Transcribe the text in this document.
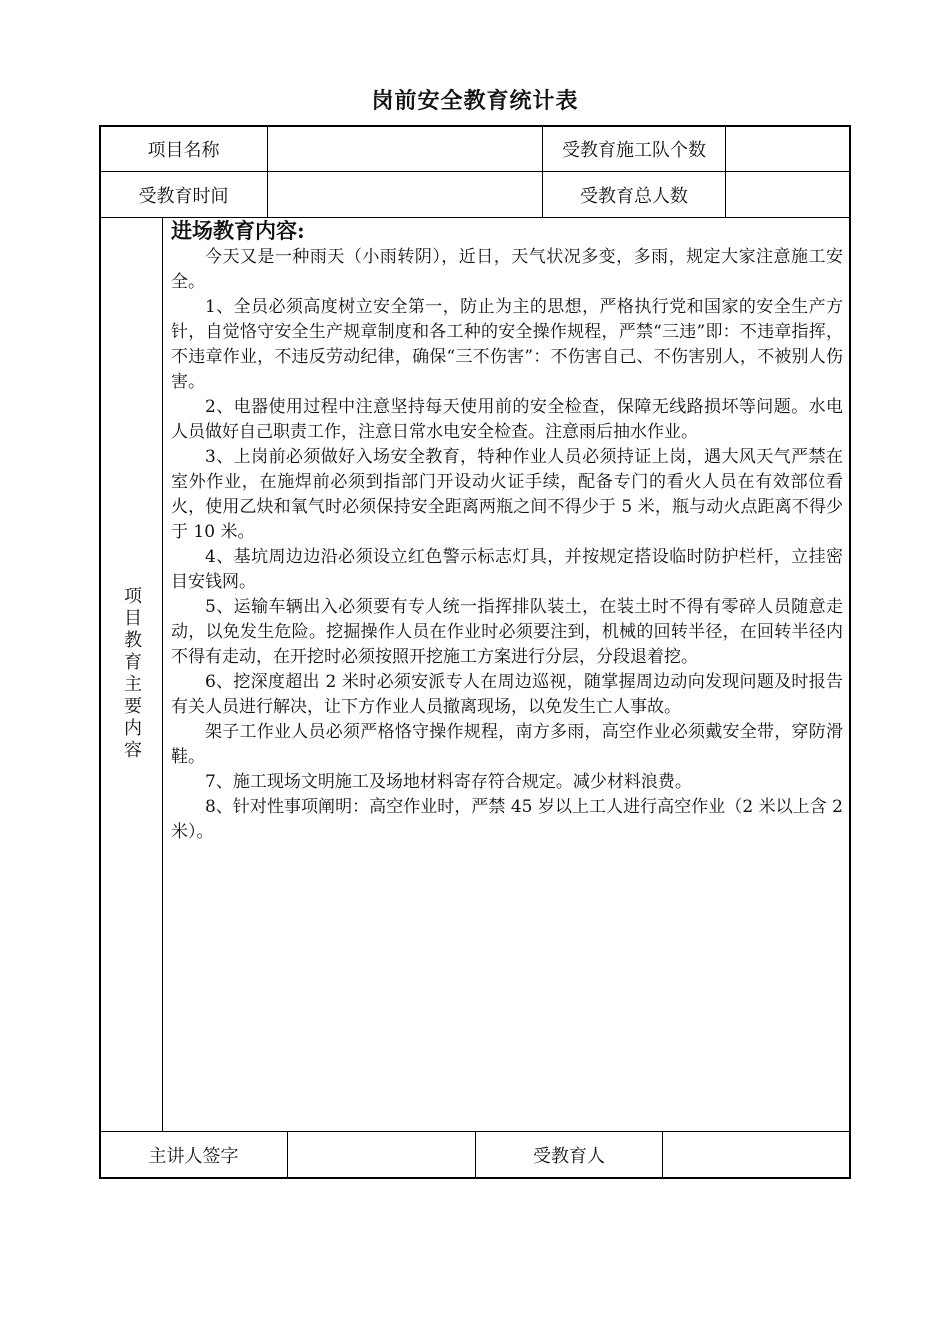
岗前安全教育统计表
项目名称	受教育施工队个数
受教育时间	受教育总人数
项目教育主要内容
进场教育内容:

今天又是一种雨天（小雨转阴），近日，天气状况多变，多雨，规定大家注意施工安全。

1、全员必须高度树立安全第一，防止为主的思想，严格执行党和国家的安全生产方针，自觉恪守安全生产规章制度和各工种的安全操作规程，严禁“三违”即：不违章指挥，不违章作业，不违反劳动纪律，确保“三不伤害”：不伤害自己、不伤害别人，不被别人伤害。

2、电器使用过程中注意坚持每天使用前的安全检查，保障无线路损坏等问题。水电人员做好自己职责工作，注意日常水电安全检查。注意雨后抽水作业。

3、上岗前必须做好入场安全教育，特种作业人员必须持证上岗，遇大风天气严禁在室外作业，在施焊前必须到指部门开设动火证手续，配备专门的看火人员在有效部位看火，使用乙炔和氧气时必须保持安全距离两瓶之间不得少于 5 米，瓶与动火点距离不得少于 10 米。

4、基坑周边边沿必须设立红色警示标志灯具，并按规定搭设临时防护栏杆，立挂密目安钱网。

5、运输车辆出入必须要有专人统一指挥排队装土，在装土时不得有零碎人员随意走动，以免发生危险。挖掘操作人员在作业时必须要注到，机械的回转半径，在回转半径内不得有走动，在开挖时必须按照开挖施工方案进行分层，分段退着挖。

6、挖深度超出 2 米时必须安派专人在周边巡视，随掌握周边动向发现问题及时报告有关人员进行解决，让下方作业人员撤离现场，以免发生亡人事故。

架子工作业人员必须严格恪守操作规程，南方多雨，高空作业必须戴安全带，穿防滑鞋。

7、施工现场文明施工及场地材料寄存符合规定。减少材料浪费。

8、针对性事项阐明：高空作业时，严禁 45 岁以上工人进行高空作业（2 米以上含 2 米）。

主讲人签字	受教育人
